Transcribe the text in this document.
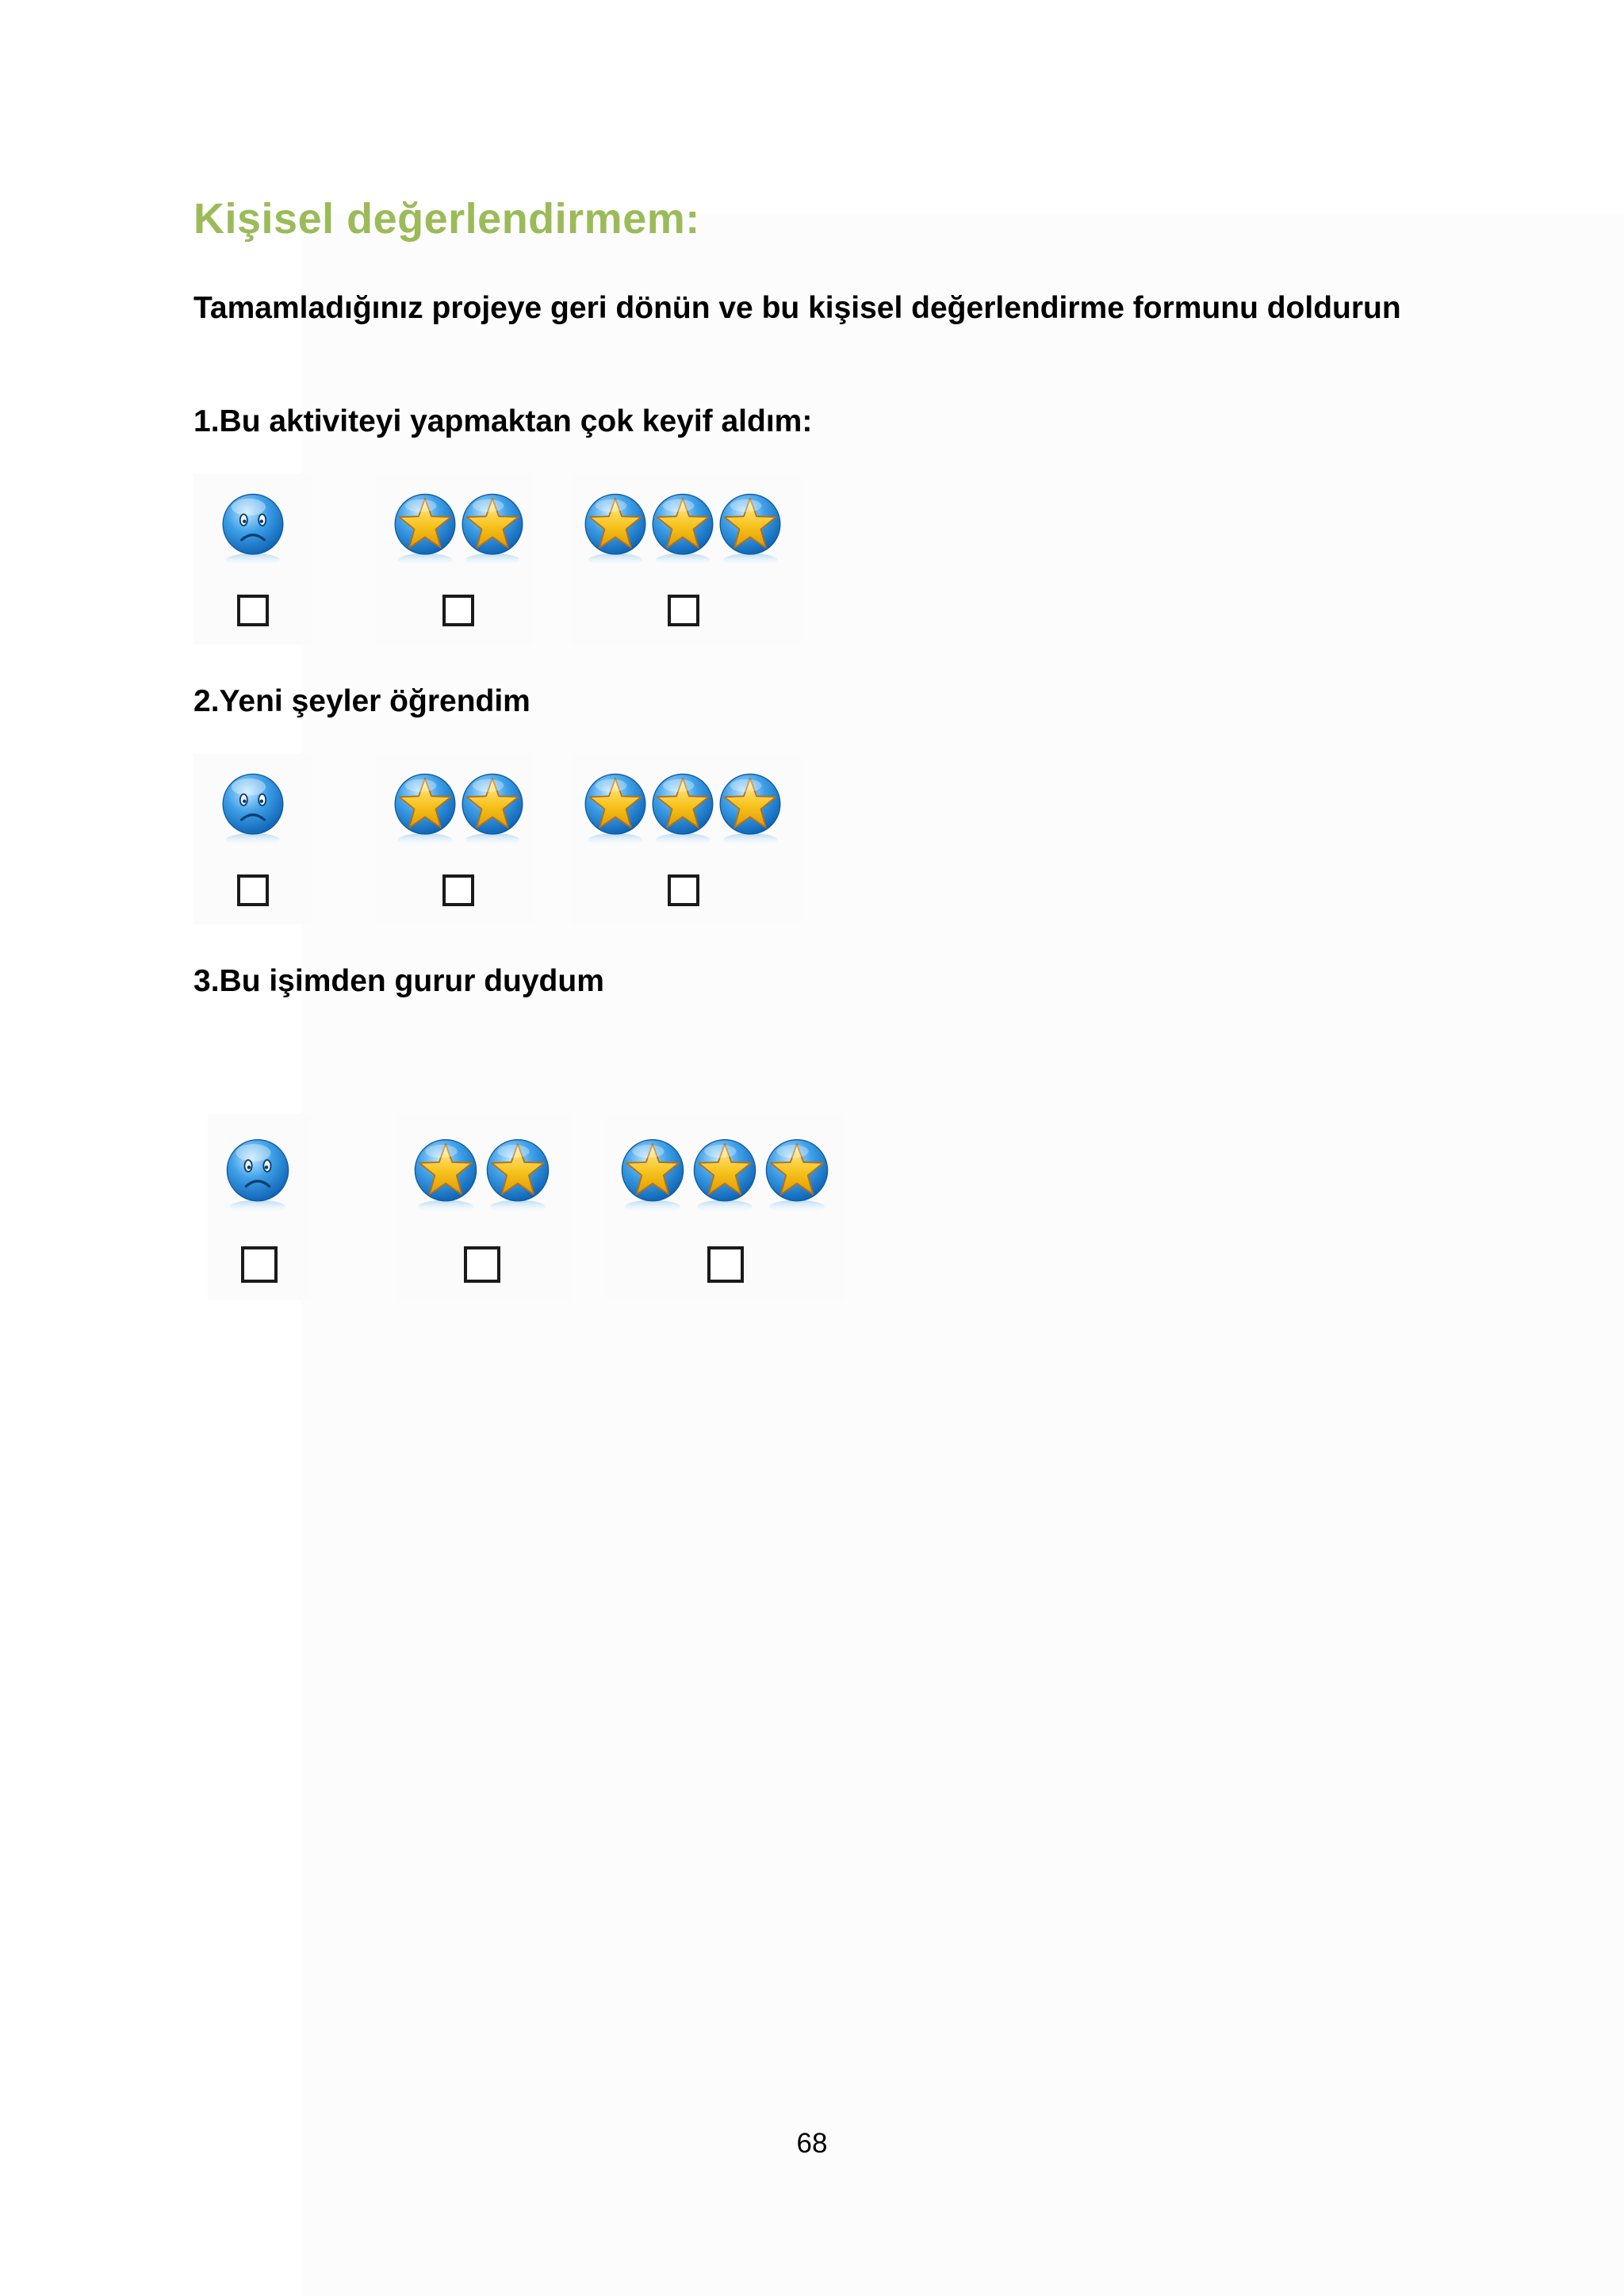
Kişisel değerlendirmem:

Tamamladığınız projeye geri dönün ve bu kişisel değerlendirme formunu doldurun

1.Bu aktiviteyi yapmaktan çok keyif aldım:

2.Yeni şeyler öğrendim

3.Bu işimden gurur duydum

68
